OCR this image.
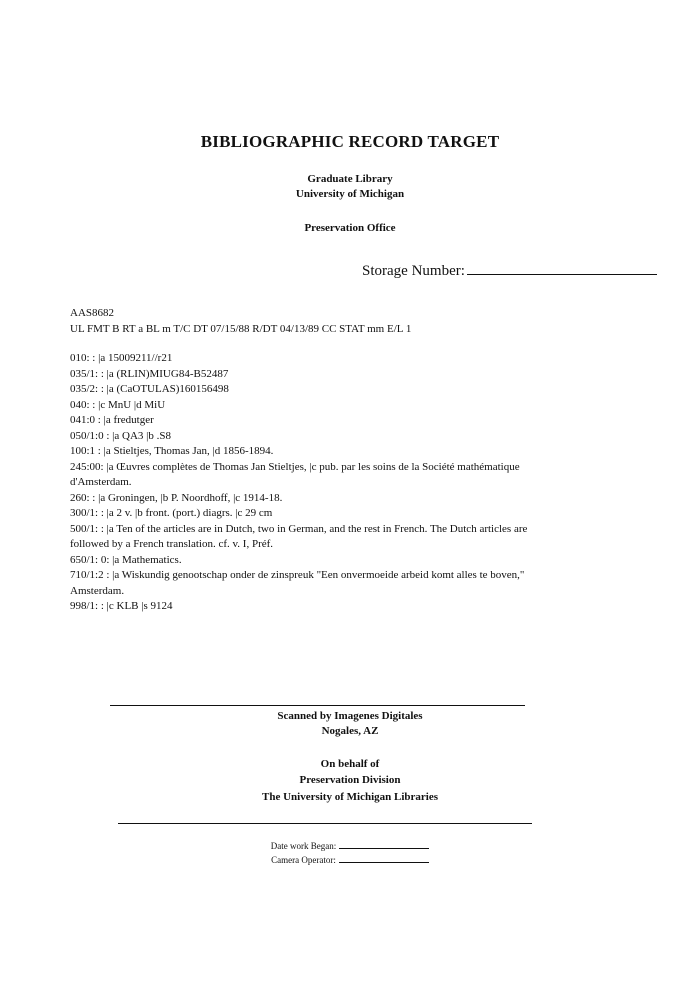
BIBLIOGRAPHIC RECORD TARGET
Graduate Library
University of Michigan
Preservation Office
Storage Number:
AAS8682
UL FMT B RT a BL m T/C DT 07/15/88 R/DT 04/13/89 CC STAT mm E/L 1
010: : |a 15009211//r21
035/1: : |a (RLIN)MIUG84-B52487
035/2: : |a (CaOTULAS)160156498
040: : |c MnU |d MiU
041:0 : |a fredutger
050/1:0 : |a QA3 |b .S8
100:1 : |a Stieltjes, Thomas Jan, |d 1856-1894.
245:00: |a Œuvres complètes de Thomas Jan Stieltjes, |c pub. par les soins de la Société mathématique d'Amsterdam.
260: : |a Groningen, |b P. Noordhoff, |c 1914-18.
300/1: : |a 2 v. |b front. (port.) diagrs. |c 29 cm
500/1: : |a Ten of the articles are in Dutch, two in German, and the rest in French. The Dutch articles are followed by a French translation. cf. v. I, Préf.
650/1: 0: |a Mathematics.
710/1:2 : |a Wiskundig genootschap onder de zinspreuk "Een onvermoeide arbeid komt alles te boven," Amsterdam.
998/1: : |c KLB |s 9124
Scanned by Imagenes Digitales
Nogales, AZ
On behalf of
Preservation Division
The University of Michigan Libraries
Date work Began:
Camera Operator:
